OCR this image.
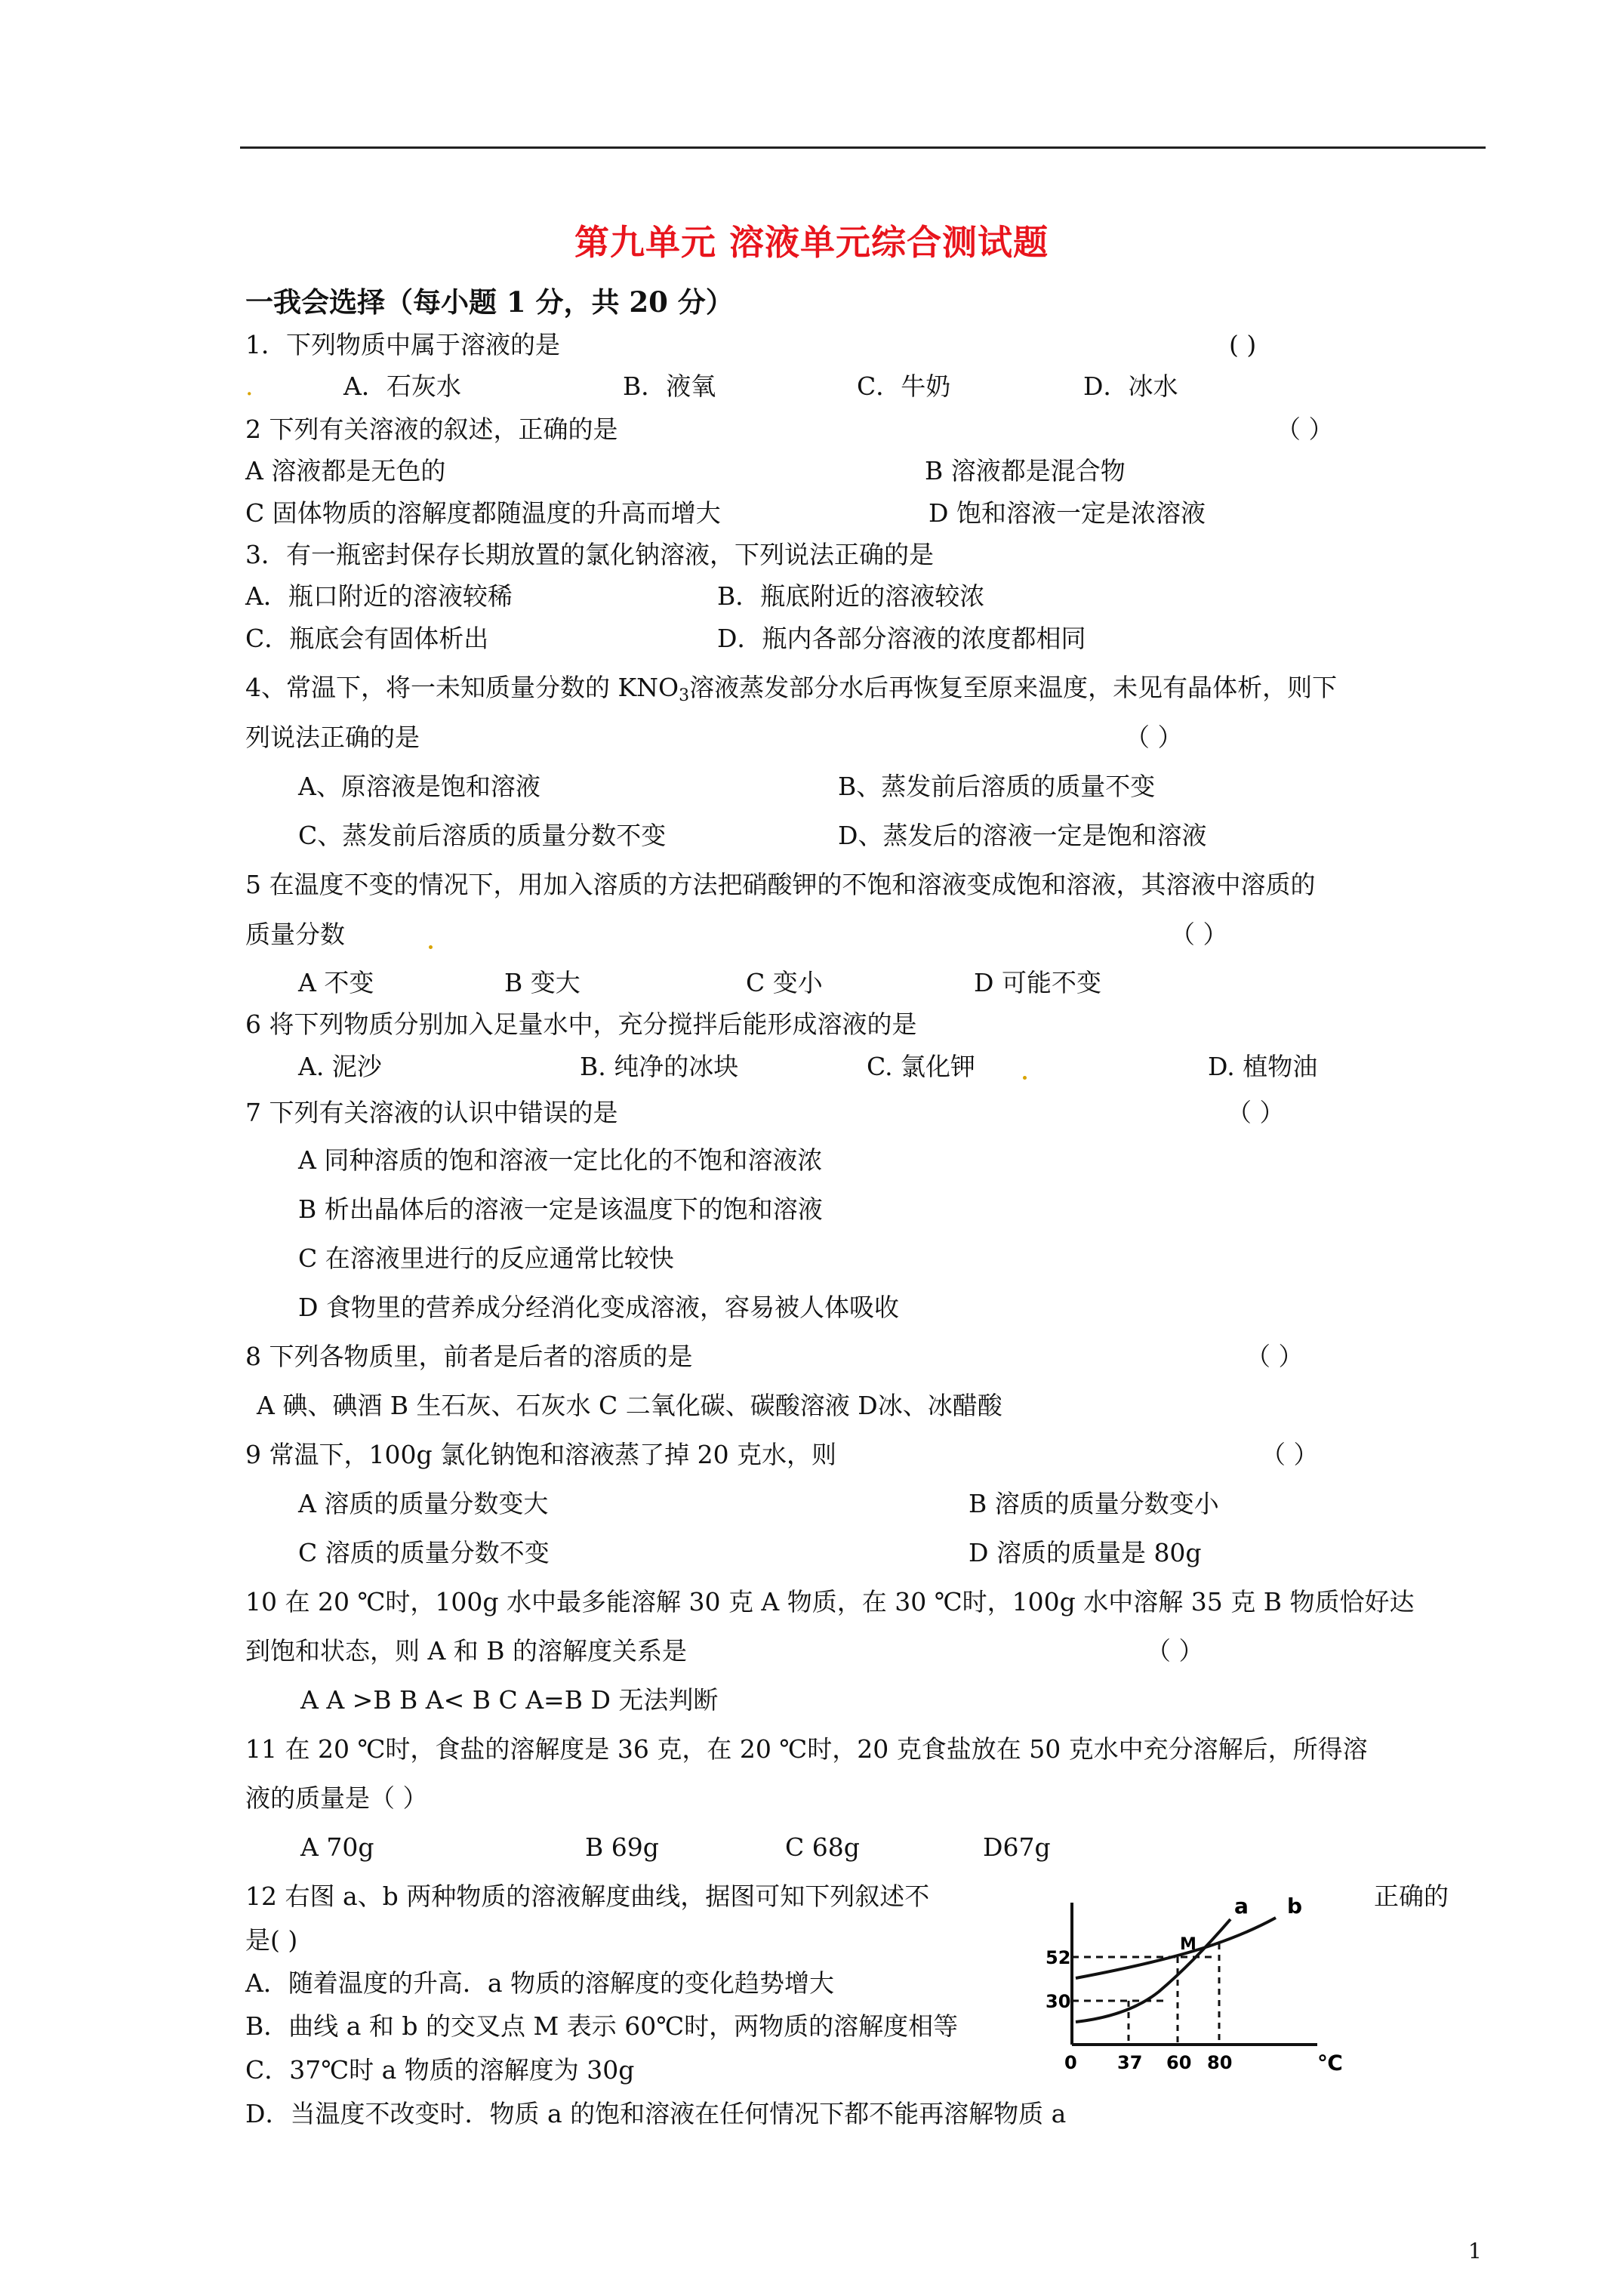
第九单元 溶液单元综合测试题
一我会选择（每小题 1 分，共 20 分）
1．下列物质中属于溶液的是	( )
.	A．石灰水	B．液氧	C．牛奶	D．冰水
2 下列有关溶液的叙述，正确的是	（ ）
A 溶液都是无色的	B 溶液都是混合物
C 固体物质的溶解度都随温度的升高而增大	D 饱和溶液一定是浓溶液
3．有一瓶密封保存长期放置的氯化钠溶液，下列说法正确的是
A．瓶口附近的溶液较稀	B．瓶底附近的溶液较浓
C．瓶底会有固体析出	D．瓶内各部分溶液的浓度都相同
4、常温下，将一未知质量分数的 $KNO_3$溶液蒸发部分水后再恢复至原来温度，未见有晶体析，则下
列说法正确的是	（ ）
A、原溶液是饱和溶液	B、蒸发前后溶质的质量不变
C、蒸发前后溶质的质量分数不变	D、蒸发后的溶液一定是饱和溶液
5 在温度不变的情况下，用加入溶质的方法把硝酸钾的不饱和溶液变成饱和溶液，其溶液中溶质的
质量分数	（ ）
A 不变	B 变大	C 变小	D 可能不变
6 将下列物质分别加入足量水中，充分搅拌后能形成溶液的是
A. 泥沙	B. 纯净的冰块	C. 氯化钾	D. 植物油
7 下列有关溶液的认识中错误的是	（ ）
A 同种溶质的饱和溶液一定比化的不饱和溶液浓
B 析出晶体后的溶液一定是该温度下的饱和溶液
C 在溶液里进行的反应通常比较快
D 食物里的营养成分经消化变成溶液，容易被人体吸收
8 下列各物质里，前者是后者的溶质的是	（ ）
A 碘、碘酒 B 生石灰、石灰水 C 二氧化碳、碳酸溶液 D冰、冰醋酸
9 常温下，100g 氯化钠饱和溶液蒸了掉 20 克水，则	（ ）
A 溶质的质量分数变大	B 溶质的质量分数变小
C 溶质的质量分数不变	D 溶质的质量是 80g
10 在 20 ℃时，100g 水中最多能溶解 30 克 A 物质，在 30 ℃时，100g 水中溶解 35 克 B 物质恰好达
到饱和状态，则 A 和 B 的溶解度关系是	（ ）
A A >B B A< B C A=B D 无法判断
11 在 20 ℃时，食盐的溶解度是 36 克，在 20 ℃时，20 克食盐放在 50 克水中充分溶解后，所得溶
液的质量是（ ）
A 70g	B 69g	C 68g	D67g
12 右图 a、b 两种物质的溶液解度曲线，据图可知下列叙述不	正确的
是( )
A．随着温度的升高．a 物质的溶解度的变化趋势增大
B．曲线 a 和 b 的交叉点 M 表示 60℃时，两物质的溶解度相等
C．37℃时 a 物质的溶解度为 30g
D．当温度不改变时．物质 a 的饱和溶液在任何情况下都不能再溶解物质 a
a b
M
52
30
0 37 60 80	℃
1
